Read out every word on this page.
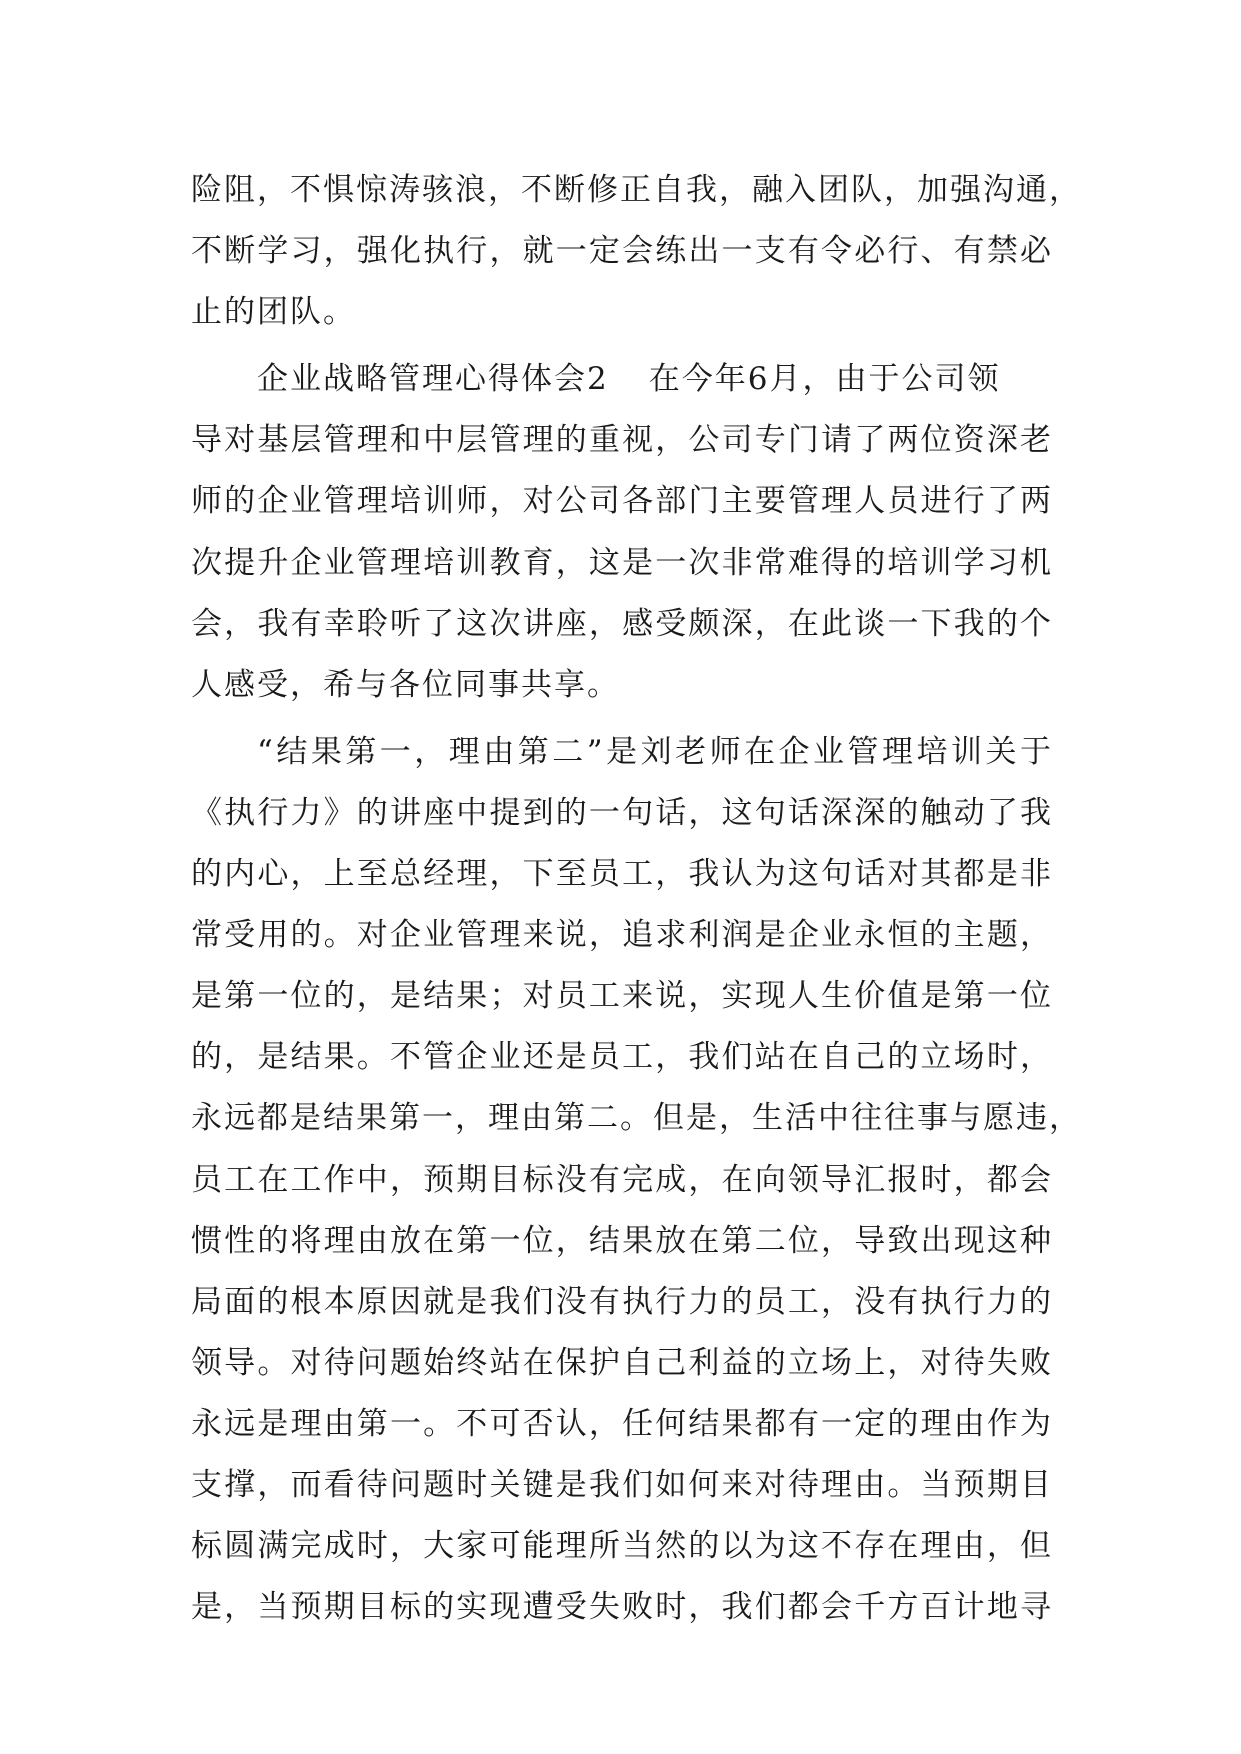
险阻，不惧惊涛骇浪，不断修正自我，融入团队，加强沟通，
不断学习，强化执行，就一定会练出一支有令必行、有禁必
止的团队。
企业战略管理心得体会2 在今年6月，由于公司领
导对基层管理和中层管理的重视，公司专门请了两位资深老
师的企业管理培训师，对公司各部门主要管理人员进行了两
次提升企业管理培训教育，这是一次非常难得的培训学习机
会，我有幸聆听了这次讲座，感受颇深，在此谈一下我的个
人感受，希与各位同事共享。
“结果第一，理由第二”是刘老师在企业管理培训关于
《执行力》的讲座中提到的一句话，这句话深深的触动了我
的内心，上至总经理，下至员工，我认为这句话对其都是非
常受用的。对企业管理来说，追求利润是企业永恒的主题，
是第一位的，是结果；对员工来说，实现人生价值是第一位
的，是结果。不管企业还是员工，我们站在自己的立场时，
永远都是结果第一，理由第二。但是，生活中往往事与愿违，
员工在工作中，预期目标没有完成，在向领导汇报时，都会
惯性的将理由放在第一位，结果放在第二位，导致出现这种
局面的根本原因就是我们没有执行力的员工，没有执行力的
领导。对待问题始终站在保护自己利益的立场上，对待失败
永远是理由第一。不可否认，任何结果都有一定的理由作为
支撑，而看待问题时关键是我们如何来对待理由。当预期目
标圆满完成时，大家可能理所当然的以为这不存在理由，但
是，当预期目标的实现遭受失败时，我们都会千方百计地寻
